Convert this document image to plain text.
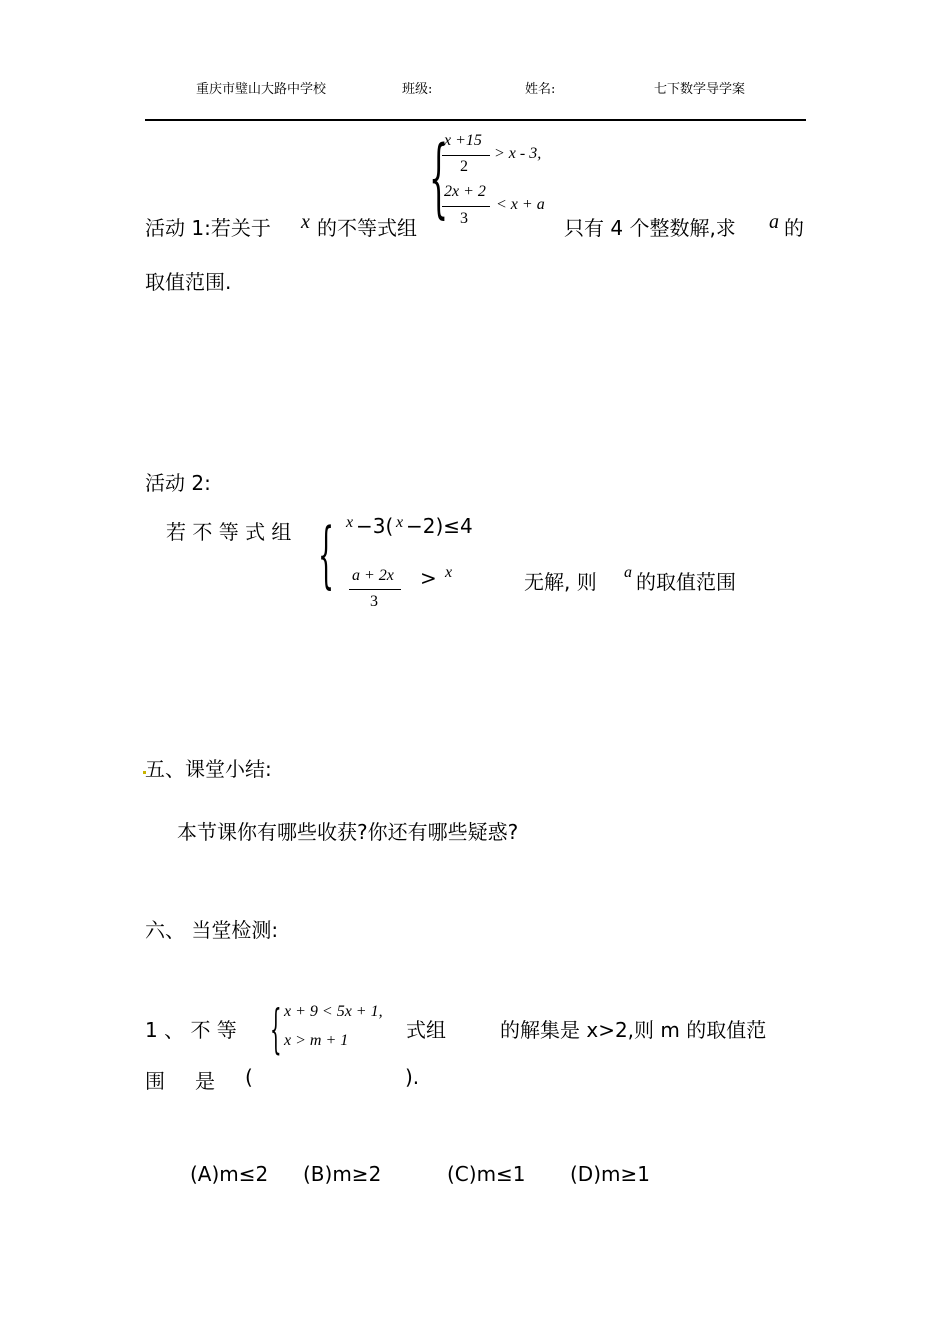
重庆市璧山大路中学校	班级:	姓名:	七下数学导学案
活动 1:若关于 x 的不等式组 {
x +15
2
> x - 3,
2x + 2
3
< x + a
只有 4 个整数解,求 a 的
取值范围.
活动 2:
若 不 等 式 组 { x −3( x −2)≤4
a + 2x
3
> x	无解, 则 a 的取值范围
五、课堂小结:
本节课你有哪些收获?你还有哪些疑惑?
六、 当堂检测:
1 、 不 等 { x + 9 < 5x + 1,
x > m + 1	式组	的解集是 x>2,则 m 的取值范
围 是 (	).
(A)m≤2 (B)m≥2	(C)m≤1 (D)m≥1
